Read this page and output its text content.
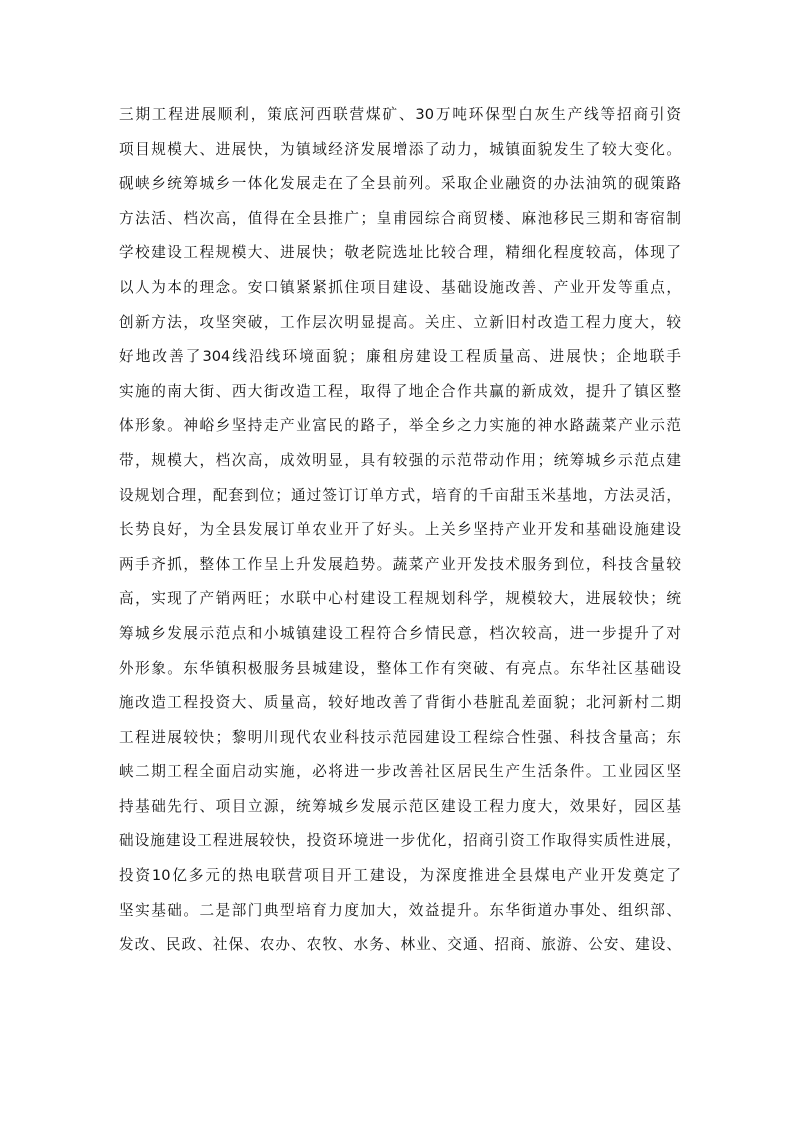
三期工程进展顺利，策底河西联营煤矿、30万吨环保型白灰生产线等招商引资
项目规模大、进展快，为镇域经济发展增添了动力，城镇面貌发生了较大变化。
砚峡乡统筹城乡一体化发展走在了全县前列。采取企业融资的办法油筑的砚策路
方法活、档次高，值得在全县推广；皇甫园综合商贸楼、麻池移民三期和寄宿制
学校建设工程规模大、进展快；敬老院选址比较合理，精细化程度较高，体现了
以人为本的理念。安口镇紧紧抓住项目建设、基础设施改善、产业开发等重点，
创新方法，攻坚突破，工作层次明显提高。关庄、立新旧村改造工程力度大，较
好地改善了304线沿线环境面貌；廉租房建设工程质量高、进展快；企地联手
实施的南大街、西大街改造工程，取得了地企合作共赢的新成效，提升了镇区整
体形象。神峪乡坚持走产业富民的路子，举全乡之力实施的神水路蔬菜产业示范
带，规模大，档次高，成效明显，具有较强的示范带动作用；统筹城乡示范点建
设规划合理，配套到位；通过签订订单方式，培育的千亩甜玉米基地，方法灵活，
长势良好，为全县发展订单农业开了好头。上关乡坚持产业开发和基础设施建设
两手齐抓，整体工作呈上升发展趋势。蔬菜产业开发技术服务到位，科技含量较
高，实现了产销两旺；水联中心村建设工程规划科学，规模较大，进展较快；统
筹城乡发展示范点和小城镇建设工程符合乡情民意，档次较高，进一步提升了对
外形象。东华镇积极服务县城建设，整体工作有突破、有亮点。东华社区基础设
施改造工程投资大、质量高，较好地改善了背街小巷脏乱差面貌；北河新村二期
工程进展较快；黎明川现代农业科技示范园建设工程综合性强、科技含量高；东
峡二期工程全面启动实施，必将进一步改善社区居民生产生活条件。工业园区坚
持基础先行、项目立源，统筹城乡发展示范区建设工程力度大，效果好，园区基
础设施建设工程进展较快，投资环境进一步优化，招商引资工作取得实质性进展，
投资10亿多元的热电联营项目开工建设，为深度推进全县煤电产业开发奠定了
坚实基础。二是部门典型培育力度加大，效益提升。东华街道办事处、组织部、
发改、民政、社保、农办、农牧、水务、林业、交通、招商、旅游、公安、建设、
